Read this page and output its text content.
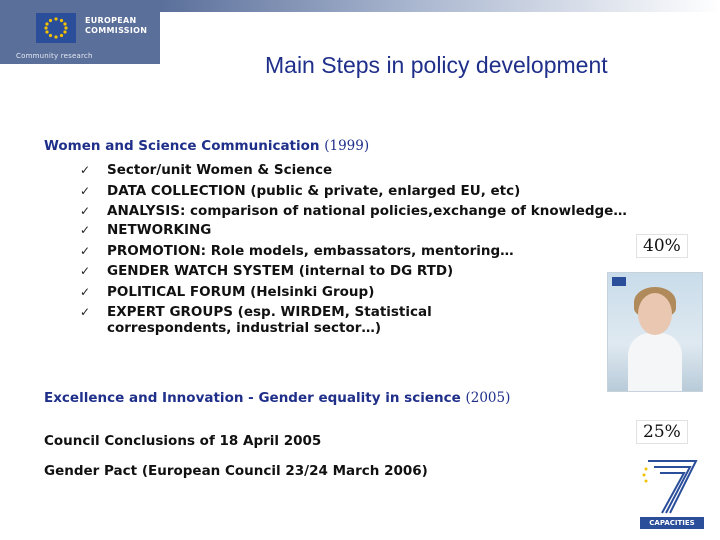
EUROPEAN
COMMISSION
Community research	Main Steps in policy development
Women and Science Communication (1999)
✓ Sector/unit Women & Science
✓ DATA COLLECTION (public & private, enlarged EU, etc)
✓ ANALYSIS: comparison of national policies,exchange of knowledge…
✓ NETWORKING
✓ PROMOTION: Role models, embassators, mentoring…
✓ GENDER WATCH SYSTEM (internal to DG RTD)
✓ POLITICAL FORUM (Helsinki Group)
✓ EXPERT GROUPS (esp. WIRDEM, Statistical correspondents, industrial sector…)
40%
Excellence and Innovation - Gender equality in science (2005)
25%
Council Conclusions of 18 April 2005
Gender Pact (European Council 23/24 March 2006)
CAPACITIES
